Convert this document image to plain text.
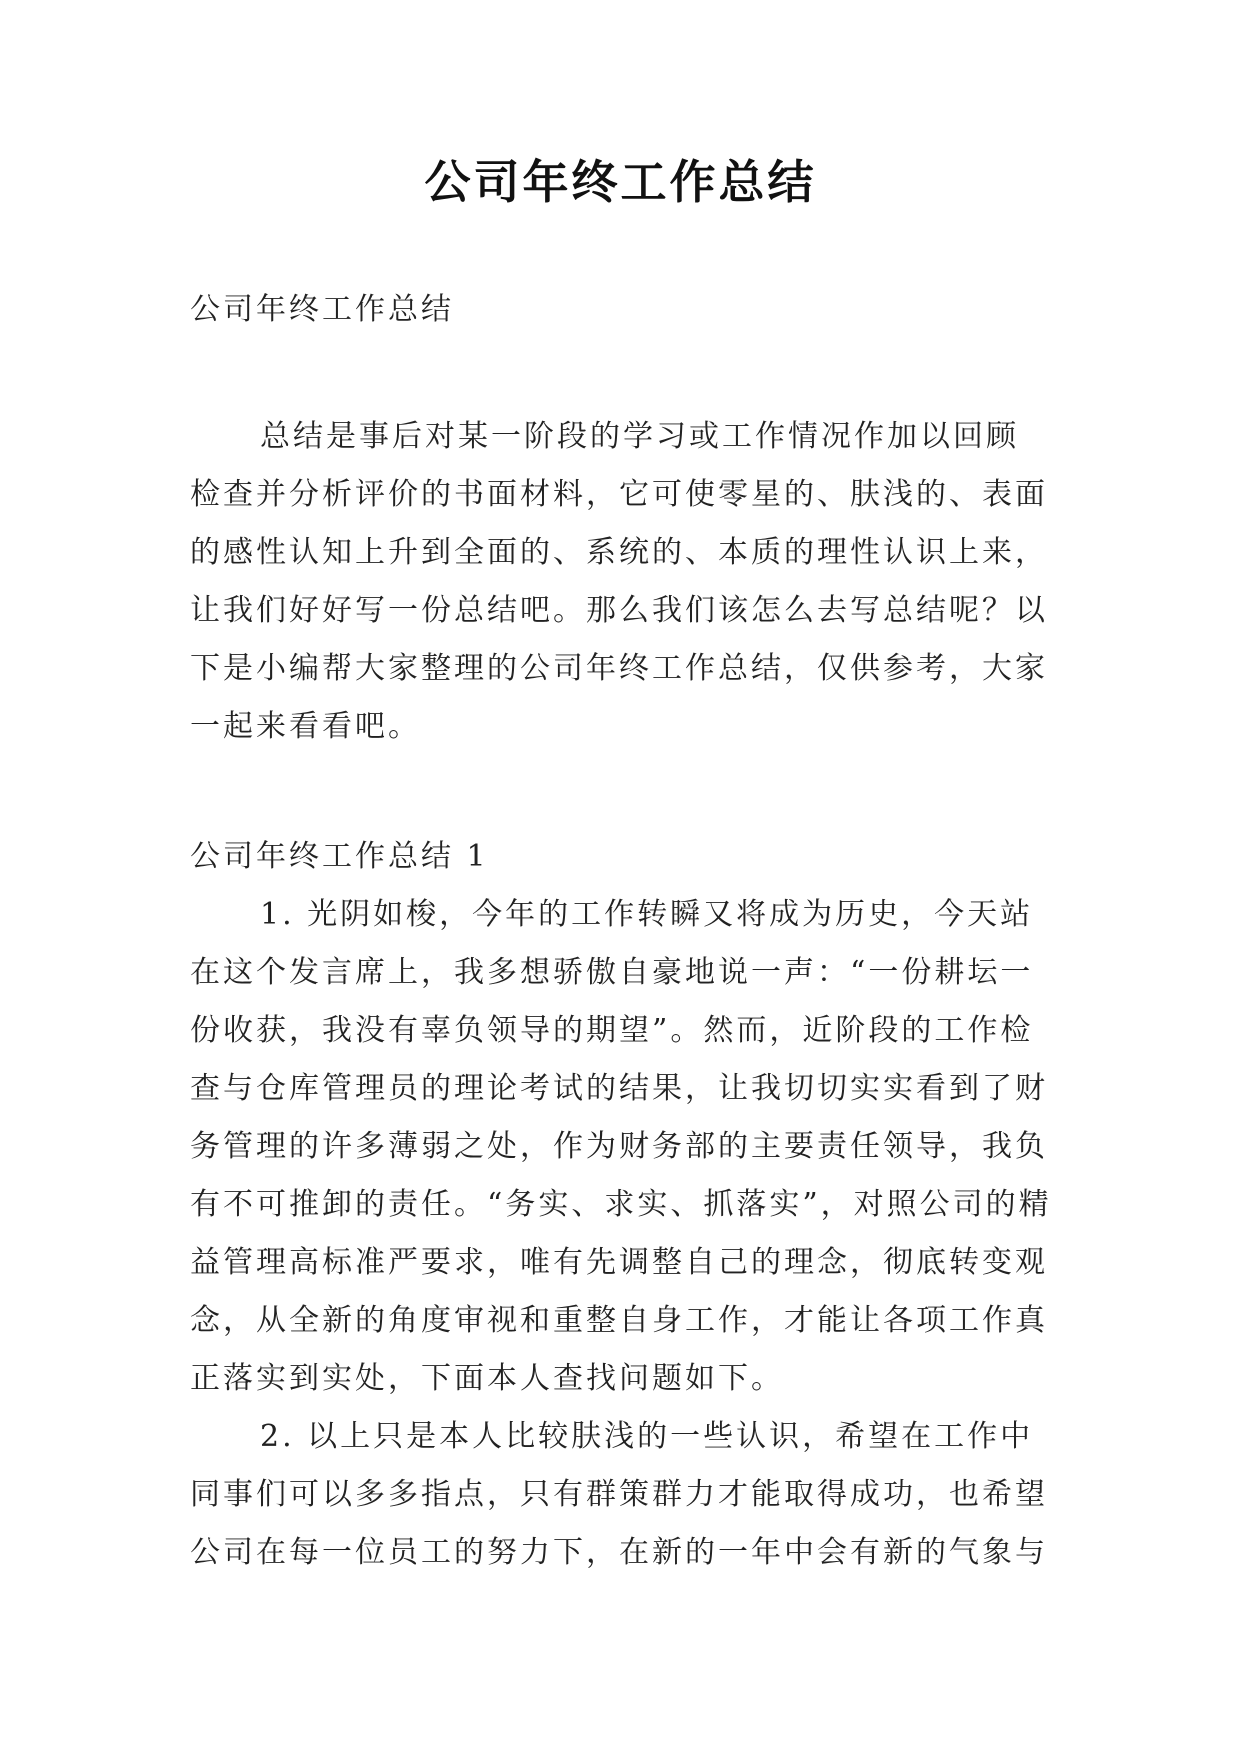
公司年终工作总结

公司年终工作总结

总结是事后对某一阶段的学习或工作情况作加以回顾

检查并分析评价的书面材料，它可使零星的、肤浅的、表面

的感性认知上升到全面的、系统的、本质的理性认识上来，

让我们好好写一份总结吧。那么我们该怎么去写总结呢？以

下是小编帮大家整理的公司年终工作总结，仅供参考，大家

一起来看看吧。

公司年终工作总结 1

1. 光阴如梭，今年的工作转瞬又将成为历史，今天站

在这个发言席上，我多想骄傲自豪地说一声：“一份耕坛一

份收获，我没有辜负领导的期望”。然而，近阶段的工作检

查与仓库管理员的理论考试的结果，让我切切实实看到了财

务管理的许多薄弱之处，作为财务部的主要责任领导，我负

有不可推卸的责任。“务实、求实、抓落实”，对照公司的精

益管理高标准严要求，唯有先调整自己的理念，彻底转变观

念，从全新的角度审视和重整自身工作，才能让各项工作真

正落实到实处，下面本人查找问题如下。

2. 以上只是本人比较肤浅的一些认识，希望在工作中

同事们可以多多指点，只有群策群力才能取得成功，也希望

公司在每一位员工的努力下，在新的一年中会有新的气象与
